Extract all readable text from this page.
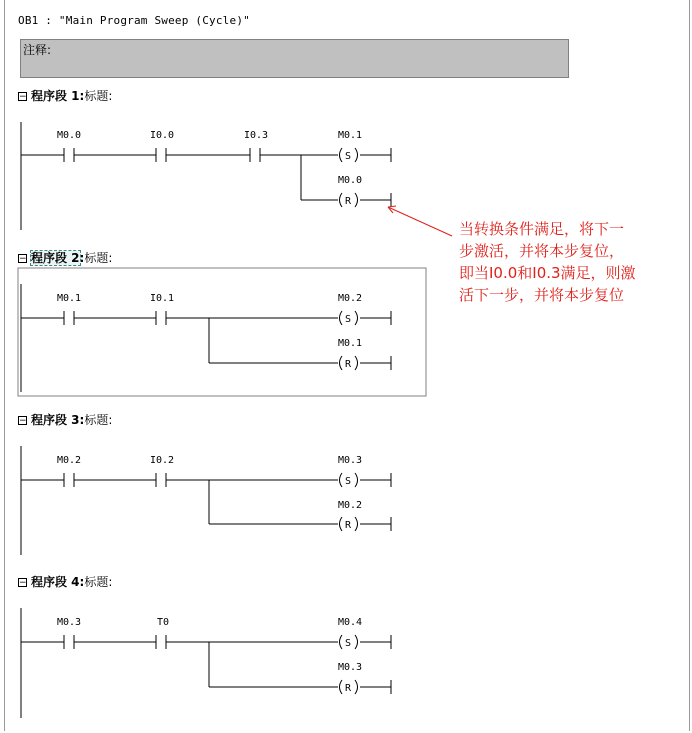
OB1 : "Main Program Sweep (Cycle)"
注释:
− 程序段 1:标题:
− 程序段 2:标题:
− 程序段 3:标题:
− 程序段 4:标题:
M0.0	I0.0	I0.3	M0.1
S
M0.0
R
M0.1	I0.1	M0.2
S
M0.1
R
M0.2	I0.2	M0.3
S
M0.2
R
M0.3	T0	M0.4
S
M0.3
R
当转换条件满足，将下一
步激活，并将本步复位，
即当I0.0和I0.3满足，则激
活下一步，并将本步复位
